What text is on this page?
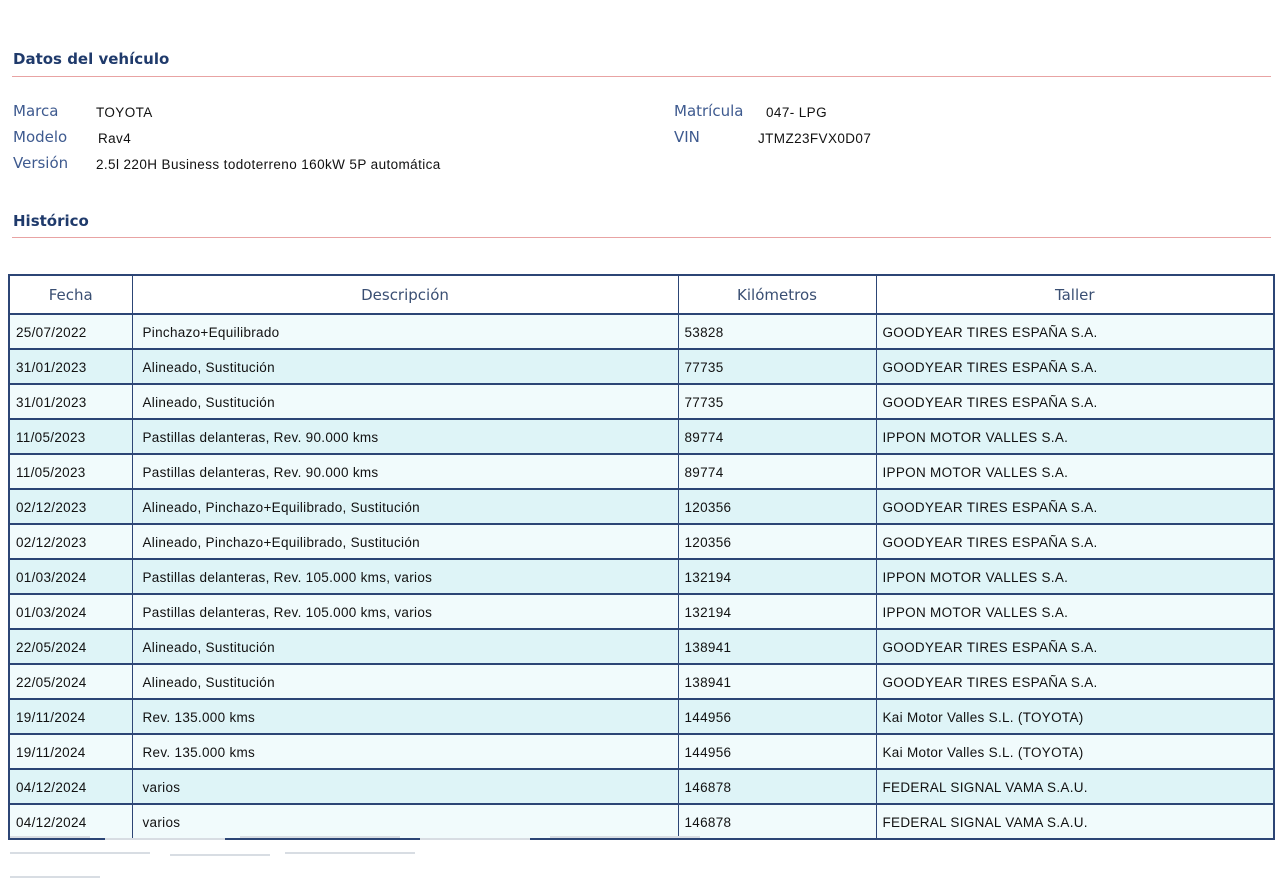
Datos del vehículo
Marca	TOYOTA
Modelo Rav4
Versión 2.5l 220H Business todoterreno 160kW 5P automática
Matrícula 047- LPG
VIN	JTMZ23FVX0D07
Histórico
Fecha	Descripción	Kilómetros	Taller
25/07/2022	Pinchazo+Equilibrado	53828	GOODYEAR TIRES ESPAÑA S.A.
31/01/2023	Alineado, Sustitución	77735	GOODYEAR TIRES ESPAÑA S.A.
31/01/2023	Alineado, Sustitución	77735	GOODYEAR TIRES ESPAÑA S.A.
11/05/2023	Pastillas delanteras, Rev. 90.000 kms	89774	IPPON MOTOR VALLES S.A.
11/05/2023	Pastillas delanteras, Rev. 90.000 kms	89774	IPPON MOTOR VALLES S.A.
02/12/2023	Alineado, Pinchazo+Equilibrado, Sustitución	120356	GOODYEAR TIRES ESPAÑA S.A.
02/12/2023	Alineado, Pinchazo+Equilibrado, Sustitución	120356	GOODYEAR TIRES ESPAÑA S.A.
01/03/2024	Pastillas delanteras, Rev. 105.000 kms, varios	132194	IPPON MOTOR VALLES S.A.
01/03/2024	Pastillas delanteras, Rev. 105.000 kms, varios	132194	IPPON MOTOR VALLES S.A.
22/05/2024	Alineado, Sustitución	138941	GOODYEAR TIRES ESPAÑA S.A.
22/05/2024	Alineado, Sustitución	138941	GOODYEAR TIRES ESPAÑA S.A.
19/11/2024	Rev. 135.000 kms	144956	Kai Motor Valles S.L. (TOYOTA)
19/11/2024	Rev. 135.000 kms	144956	Kai Motor Valles S.L. (TOYOTA)
04/12/2024	varios	146878	FEDERAL SIGNAL VAMA S.A.U.
04/12/2024	varios	146878	FEDERAL SIGNAL VAMA S.A.U.
